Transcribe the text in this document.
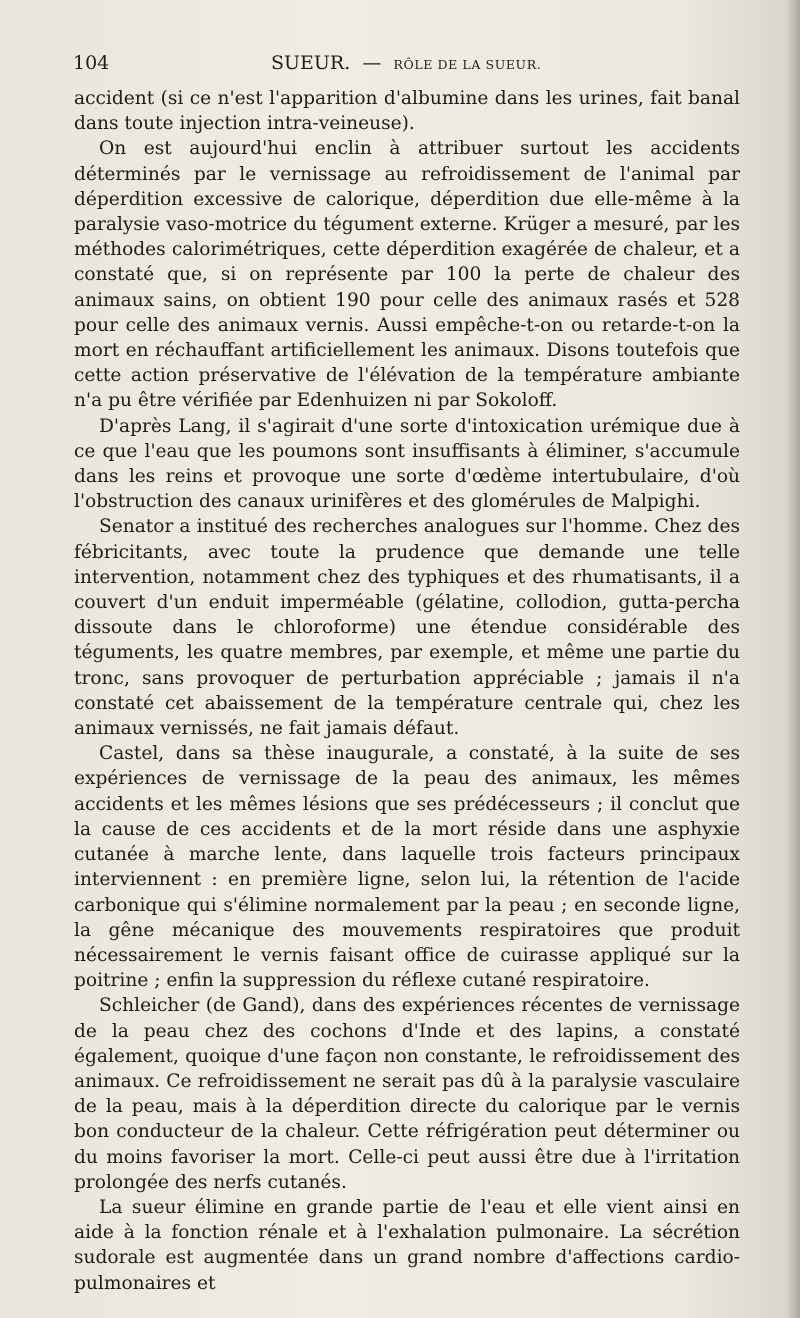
104	SUEUR. — RÔLE DE LA SUEUR.

accident (si ce n'est l'apparition d'albumine dans les urines, fait banal dans toute injection intra-veineuse).

On est aujourd'hui enclin à attribuer surtout les accidents déterminés par le vernissage au refroidissement de l'animal par déperdition excessive de calorique, déperdition due elle-même à la paralysie vaso-motrice du tégument externe. Krüger a mesuré, par les méthodes calorimétriques, cette déperdition exagérée de chaleur, et a constaté que, si on représente par 100 la perte de chaleur des animaux sains, on obtient 190 pour celle des animaux rasés et 528 pour celle des animaux vernis. Aussi empêche-t-on ou retarde-t-on la mort en réchauffant artificiellement les animaux. Disons toutefois que cette action préservative de l'élévation de la température ambiante n'a pu être vérifiée par Edenhuizen ni par Sokoloff.

D'après Lang, il s'agirait d'une sorte d'intoxication urémique due à ce que l'eau que les poumons sont insuffisants à éliminer, s'accumule dans les reins et provoque une sorte d'œdème intertubulaire, d'où l'obstruction des canaux urinifères et des glomérules de Malpighi.

Senator a institué des recherches analogues sur l'homme. Chez des fébricitants, avec toute la prudence que demande une telle intervention, notamment chez des typhiques et des rhumatisants, il a couvert d'un enduit imperméable (gélatine, collodion, gutta-percha dissoute dans le chloroforme) une étendue considérable des téguments, les quatre membres, par exemple, et même une partie du tronc, sans provoquer de perturbation appréciable ; jamais il n'a constaté cet abaissement de la température centrale qui, chez les animaux vernissés, ne fait jamais défaut.

Castel, dans sa thèse inaugurale, a constaté, à la suite de ses expériences de vernissage de la peau des animaux, les mêmes accidents et les mêmes lésions que ses prédécesseurs ; il conclut que la cause de ces accidents et de la mort réside dans une asphyxie cutanée à marche lente, dans laquelle trois facteurs principaux interviennent : en première ligne, selon lui, la rétention de l'acide carbonique qui s'élimine normalement par la peau ; en seconde ligne, la gêne mécanique des mouvements respiratoires que produit nécessairement le vernis faisant office de cuirasse appliqué sur la poitrine ; enfin la suppression du réflexe cutané respiratoire.

Schleicher (de Gand), dans des expériences récentes de vernissage de la peau chez des cochons d'Inde et des lapins, a constaté également, quoique d'une façon non constante, le refroidissement des animaux. Ce refroidissement ne serait pas dû à la paralysie vasculaire de la peau, mais à la déperdition directe du calorique par le vernis bon conducteur de la chaleur. Cette réfrigération peut déterminer ou du moins favoriser la mort. Celle-ci peut aussi être due à l'irritation prolongée des nerfs cutanés.

La sueur élimine en grande partie de l'eau et elle vient ainsi en aide à la fonction rénale et à l'exhalation pulmonaire. La sécrétion sudorale est augmentée dans un grand nombre d'affections cardio-pulmonaires et
